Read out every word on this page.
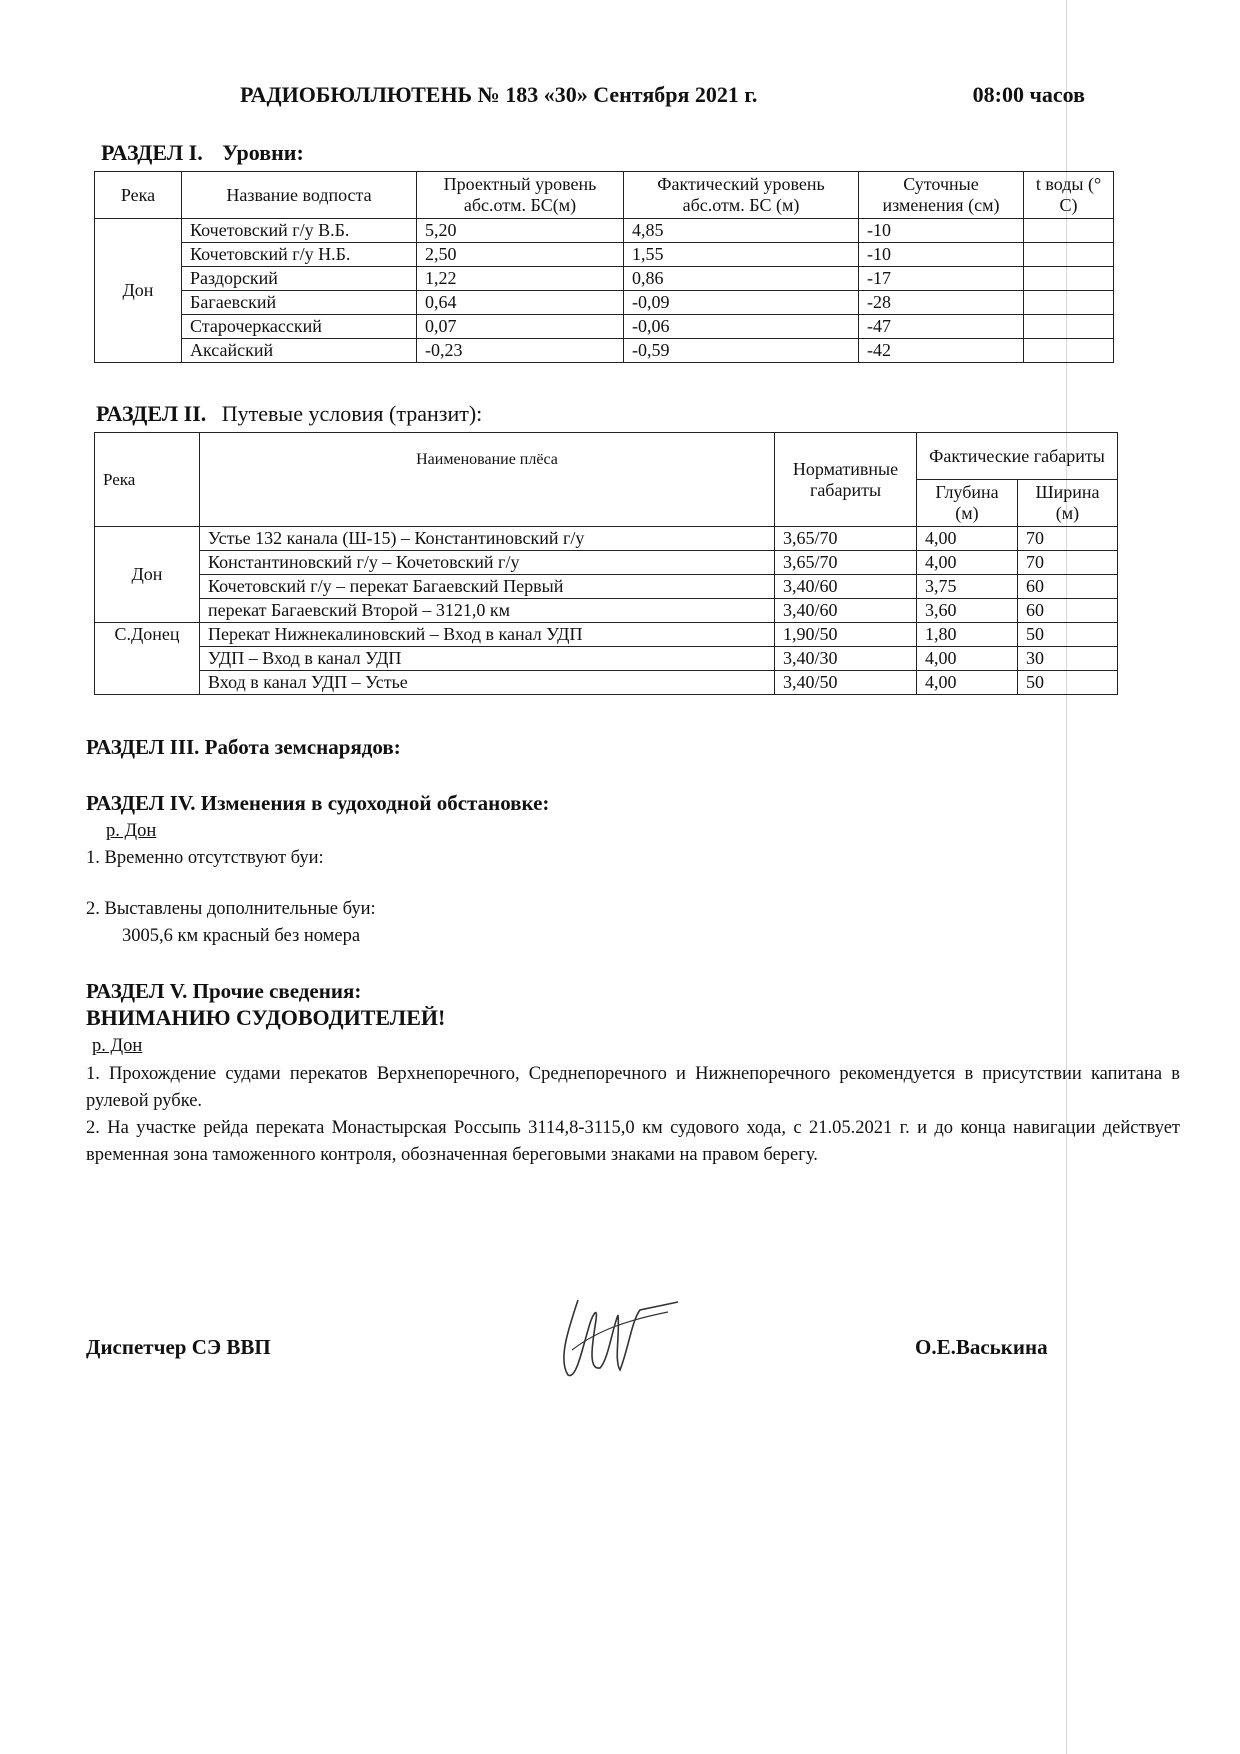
РАДИОБЮЛЛЮТЕНЬ № 183 «30» Сентября 2021 г.	08:00 часов
РАЗДЕЛ I. Уровни:
Река	Название водпоста	Проектный уровень абс.отм. БС(м)	Фактический уровень абс.отм. БС (м)	Суточные изменения (см)	t воды (° С)
Дон	Кочетовский г/у В.Б.	5,20	4,85	-10	
	Кочетовский г/у Н.Б.	2,50	1,55	-10	
	Раздорский	1,22	0,86	-17	
	Багаевский	0,64	-0,09	-28	
	Старочеркасский	0,07	-0,06	-47	
	Аксайский	-0,23	-0,59	-42	
РАЗДЕЛ II. Путевые условия (транзит):
Река	Наименование плёса	Нормативные габариты	Фактические габариты	
			Глубина (м)	Ширина (м)
Дон	Устье 132 канала (Ш-15) – Константиновский г/у	3,65/70	4,00	70
	Константиновский г/у – Кочетовский г/у	3,65/70	4,00	70
	Кочетовский г/у – перекат Багаевский Первый	3,40/60	3,75	60
	перекат Багаевский Второй – 3121,0 км	3,40/60	3,60	60
С.Донец	Перекат Нижнекалиновский – Вход в канал УДП	1,90/50	1,80	50
	УДП – Вход в канал УДП	3,40/30	4,00	30
	Вход в канал УДП – Устье	3,40/50	4,00	50
РАЗДЕЛ III. Работа земснарядов:
РАЗДЕЛ IV. Изменения в судоходной обстановке:
р. Дон
1. Временно отсутствуют буи:
2. Выставлены дополнительные буи:
3005,6 км красный без номера
РАЗДЕЛ V. Прочие сведения:
ВНИМАНИЮ СУДОВОДИТЕЛЕЙ!
р. Дон
1. Прохождение судами перекатов Верхнепоречного, Среднепоречного и Нижнепоречного рекомендуется в присутствии капитана в рулевой рубке.
2. На участке рейда переката Монастырская Россыпь 3114,8-3115,0 км судового хода, с 21.05.2021 г. и до конца навигации действует временная зона таможенного контроля, обозначенная береговыми знаками на правом берегу.
Диспетчер СЭ ВВП	О.Е.Васькина
